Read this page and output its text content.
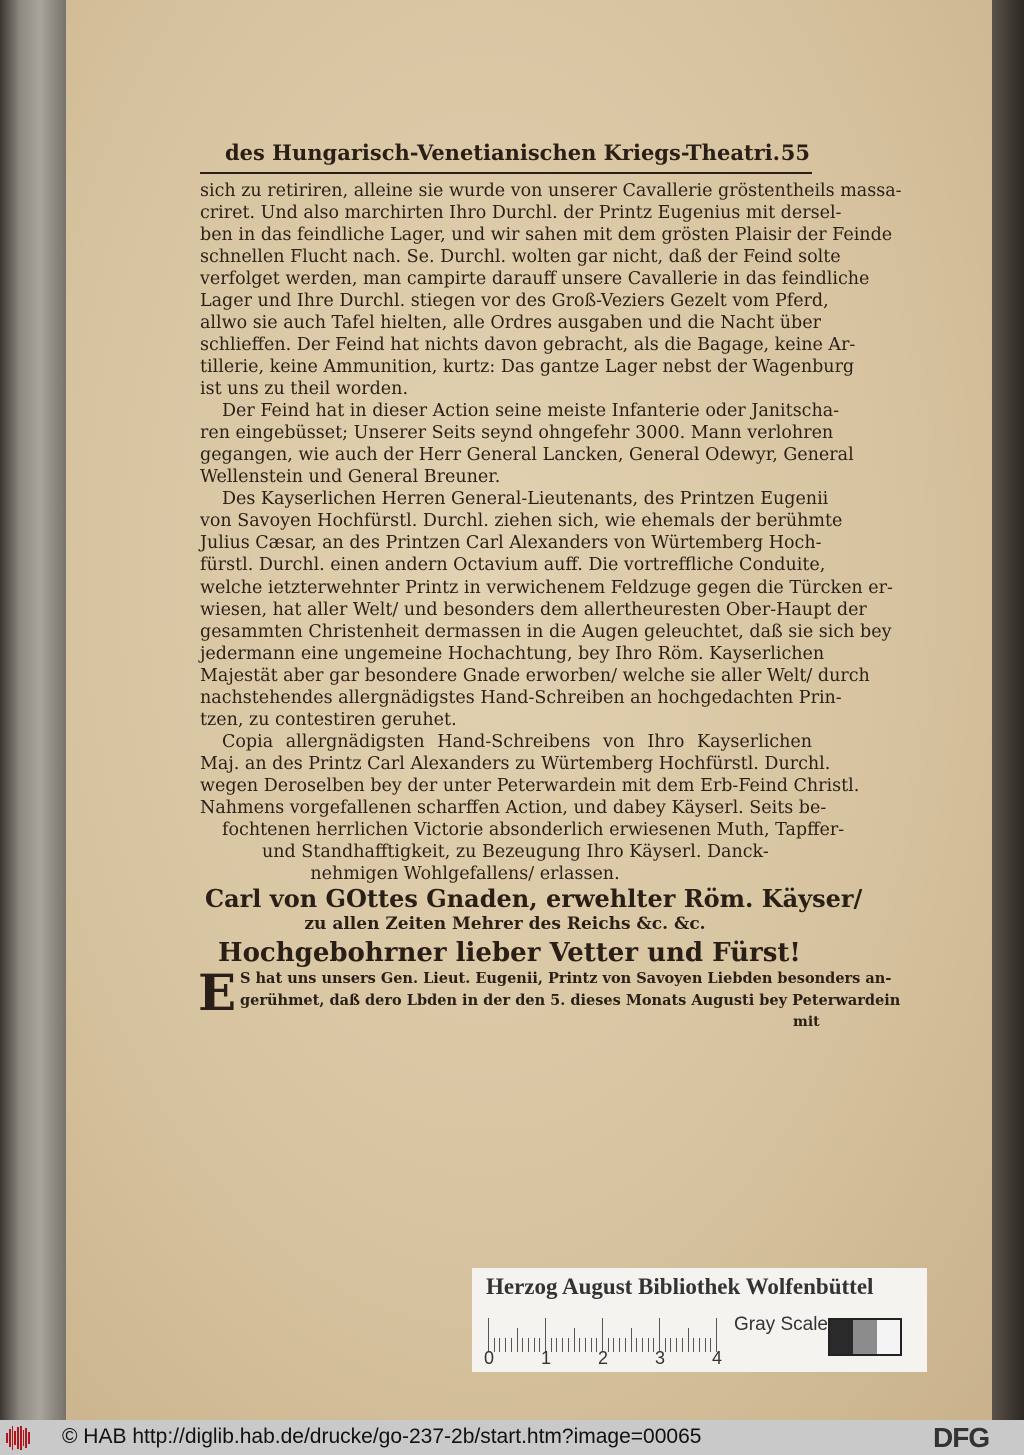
des Hungarisch-Venetianischen Kriegs-Theatri. 55
sich zu retiriren, alleine sie wurde von unserer Cavallerie gröstentheils massa-
criret. Und also marchirten Ihro Durchl. der Printz Eugenius mit dersel-
ben in das feindliche Lager, und wir sahen mit dem grösten Plaisir der Feinde
schnellen Flucht nach. Se. Durchl. wolten gar nicht, daß der Feind solte
verfolget werden, man campirte darauff unsere Cavallerie in das feindliche
Lager und Ihre Durchl. stiegen vor des Groß-Veziers Gezelt vom Pferd,
allwo sie auch Tafel hielten, alle Ordres ausgaben und die Nacht über
schlieffen. Der Feind hat nichts davon gebracht, als die Bagage, keine Ar-
tillerie, keine Ammunition, kurtz: Das gantze Lager nebst der Wagenburg
ist uns zu theil worden.
Der Feind hat in dieser Action seine meiste Infanterie oder Janitscha-
ren eingebüsset; Unserer Seits seynd ohngefehr 3000. Mann verlohren
gegangen, wie auch der Herr General Lancken, General Odewyr, General
Wellenstein und General Breuner.
Des Kayserlichen Herren General-Lieutenants, des Printzen Eugenii
von Savoyen Hochfürstl. Durchl. ziehen sich, wie ehemals der berühmte
Julius Cæsar, an des Printzen Carl Alexanders von Würtemberg Hoch-
fürstl. Durchl. einen andern Octavium auff. Die vortreffliche Conduite,
welche ietzterwehnter Printz in verwichenem Feldzuge gegen die Türcken er-
wiesen, hat aller Welt/ und besonders dem allertheuresten Ober-Haupt der
gesammten Christenheit dermassen in die Augen geleuchtet, daß sie sich bey
jedermann eine ungemeine Hochachtung, bey Ihro Röm. Kayserlichen
Majestät aber gar besondere Gnade erworben/ welche sie aller Welt/ durch
nachstehendes allergnädigstes Hand-Schreiben an hochgedachten Prin-
tzen, zu contestiren geruhet.
Copia allergnädigsten Hand-Schreibens von Ihro Kayserlichen
Maj. an des Printz Carl Alexanders zu Würtemberg Hochfürstl. Durchl.
wegen Deroselben bey der unter Peterwardein mit dem Erb-Feind Christl.
Nahmens vorgefallenen scharffen Action, und dabey Käyserl. Seits be-
fochtenen herrlichen Victorie absonderlich erwiesenen Muth, Tapffer-
und Standhafftigkeit, zu Bezeugung Ihro Käyserl. Danck-
nehmigen Wohlgefallens/ erlassen.
Carl von GOttes Gnaden, erwehlter Röm. Käyser/
zu allen Zeiten Mehrer des Reichs &c. &c.
Hochgebohrner lieber Vetter und Fürst!
S hat uns unsers Gen. Lieut. Eugenii, Printz von Savoyen Liebden besonders an-
gerühmet, daß dero Lbden in der den 5. dieses Monats Augusti bey Peterwardein
mit
E
Herzog August Bibliothek Wolfenbüttel
0	1	2	3	4
Gray Scale
© HAB http://diglib.hab.de/drucke/go-237-2b/start.htm?image=00065	DFG
